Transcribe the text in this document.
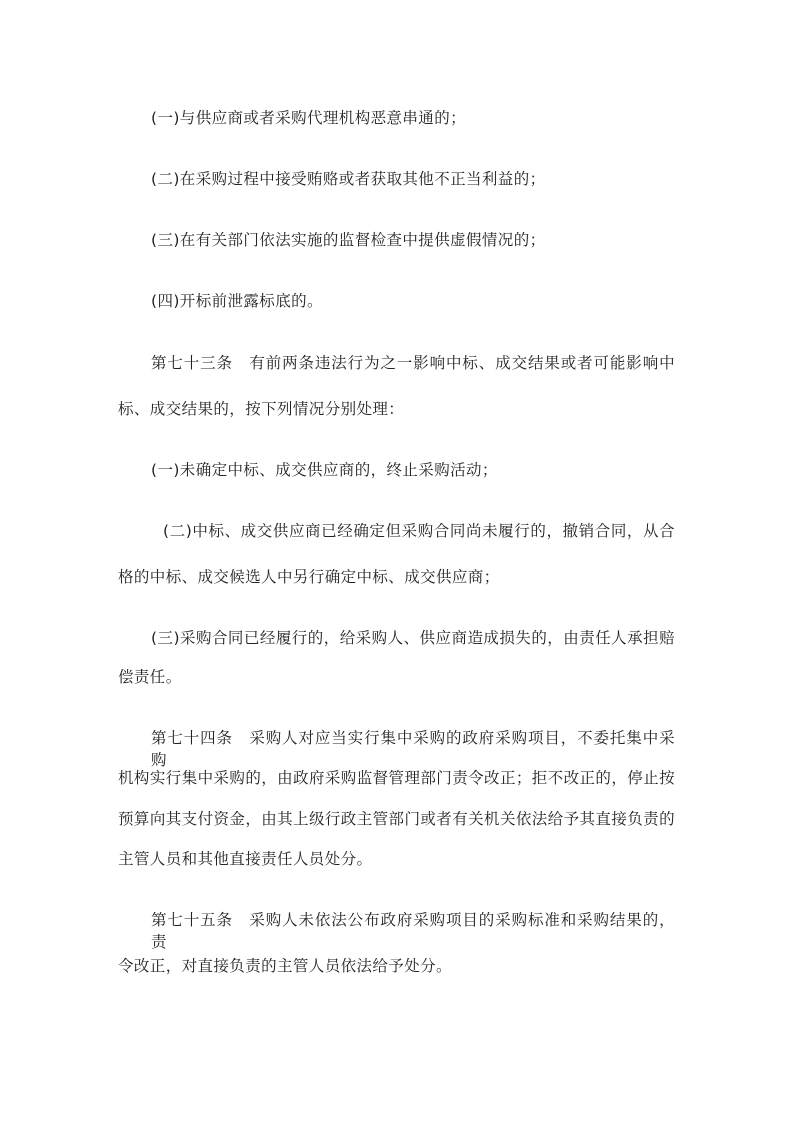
(一)与供应商或者采购代理机构恶意串通的；
(二)在采购过程中接受贿赂或者获取其他不正当利益的；
(三)在有关部门依法实施的监督检查中提供虚假情况的；
(四)开标前泄露标底的。
第七十三条　有前两条违法行为之一影响中标、成交结果或者可能影响中
标、成交结果的，按下列情况分别处理：
(一)未确定中标、成交供应商的，终止采购活动；
(二)中标、成交供应商已经确定但采购合同尚未履行的，撤销合同，从合
格的中标、成交候选人中另行确定中标、成交供应商；
(三)采购合同已经履行的，给采购人、供应商造成损失的，由责任人承担赔
偿责任。
第七十四条　采购人对应当实行集中采购的政府采购项目，不委托集中采购
机构实行集中采购的，由政府采购监督管理部门责令改正；拒不改正的，停止按
预算向其支付资金，由其上级行政主管部门或者有关机关依法给予其直接负责的
主管人员和其他直接责任人员处分。
第七十五条　采购人未依法公布政府采购项目的采购标准和采购结果的，责
令改正，对直接负责的主管人员依法给予处分。
